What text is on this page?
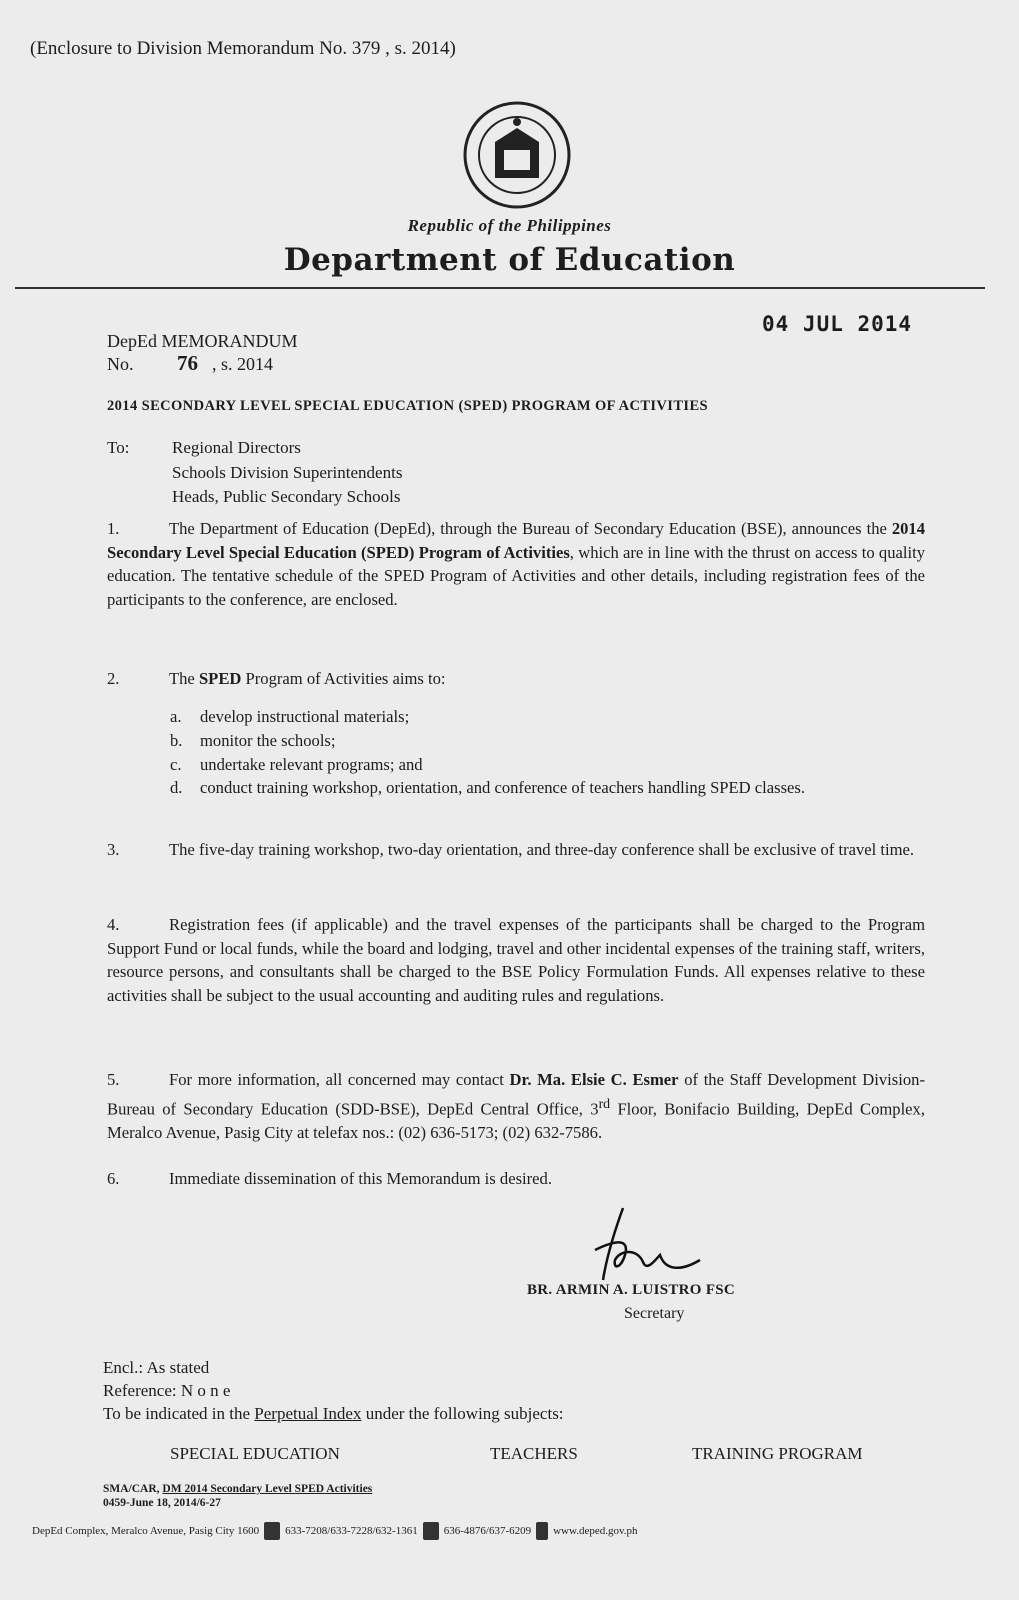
(Enclosure to Division Memorandum No. 379 , s. 2014)
Republic of the Philippines
Department of Education
04 JUL 2014
DepEd MEMORANDUM
No. 76 , s. 2014
2014 SECONDARY LEVEL SPECIAL EDUCATION (SPED) PROGRAM OF ACTIVITIES
To:	Regional Directors
Schools Division Superintendents
Heads, Public Secondary Schools
1.	The Department of Education (DepEd), through the Bureau of Secondary Education (BSE), announces the 2014 Secondary Level Special Education (SPED) Program of Activities, which are in line with the thrust on access to quality education. The tentative schedule of the SPED Program of Activities and other details, including registration fees of the participants to the conference, are enclosed.
2.	The SPED Program of Activities aims to:
a.	develop instructional materials;
b.	monitor the schools;
c.	undertake relevant programs; and
d.	conduct training workshop, orientation, and conference of teachers handling SPED classes.
3.	The five-day training workshop, two-day orientation, and three-day conference shall be exclusive of travel time.
4.	Registration fees (if applicable) and the travel expenses of the participants shall be charged to the Program Support Fund or local funds, while the board and lodging, travel and other incidental expenses of the training staff, writers, resource persons, and consultants shall be charged to the BSE Policy Formulation Funds. All expenses relative to these activities shall be subject to the usual accounting and auditing rules and regulations.
5.	For more information, all concerned may contact Dr. Ma. Elsie C. Esmer of the Staff Development Division-Bureau of Secondary Education (SDD-BSE), DepEd Central Office, 3rd Floor, Bonifacio Building, DepEd Complex, Meralco Avenue, Pasig City at telefax nos.: (02) 636-5173; (02) 632-7586.
6.	Immediate dissemination of this Memorandum is desired.
BR. ARMIN A. LUISTRO FSC
Secretary
Encl.: As stated
Reference: N o n e
To be indicated in the Perpetual Index under the following subjects:
SPECIAL EDUCATION	TEACHERS	TRAINING PROGRAM
SMA/CAR, DM 2014 Secondary Level SPED Activities
0459-June 18, 2014/6-27
DepEd Complex, Meralco Avenue, Pasig City 1600 633-7208/633-7228/632-1361 636-4876/637-6209 www.deped.gov.ph
